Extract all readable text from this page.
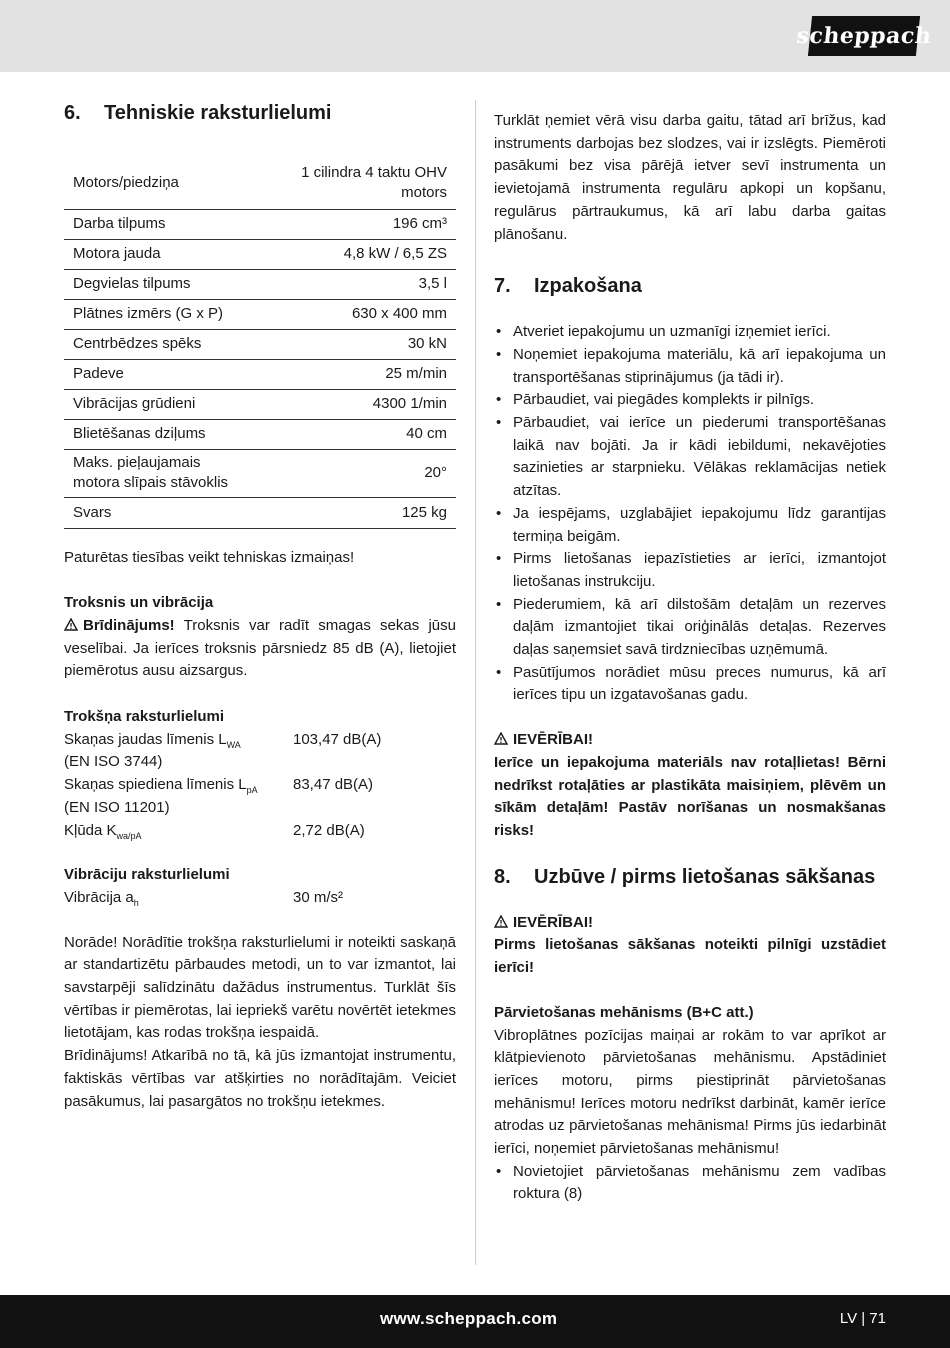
scheppach
6.	Tehniskie raksturlielumi
Motors/piedziņa	1 cilindra 4 taktu OHV
motors

Darba tilpums	196 cm³
Motora jauda	4,8 kW / 6,5 ZS
Degvielas tilpums	3,5 l
Plātnes izmērs (G x P)	630 x 400 mm
Centrbēdzes spēks	30 kN
Padeve	25 m/min
Vibrācijas grūdieni	4300 1/min
Blietēšanas dziļums	40 cm

Maks. pieļaujamais
motora slīpais stāvoklis	20°
Svars	125 kg

Paturētas tiesības veikt tehniskas izmaiņas!

Troksnis un vibrācija

Brīdinājums! Troksnis var radīt smagas sekas jūsu veselībai. Ja ierīces troksnis pārsniedz 85 dB (A), lietojiet piemērotus ausu aizsargus.

Trokšņa raksturlielumi

Skaņas jaudas līmenis $L_{WA}$	103,47 dB(A)

(EN ISO 3744)

Skaņas spiediena līmenis $L_{pA}$	83,47 dB(A)

(EN ISO 11201)

Kļūda $K_{wa/pA}$	2,72 dB(A)

Vibrāciju raksturlielumi

Vibrācija $a_h$	30 m/s²

Norāde! Norādītie trokšņa raksturlielumi ir noteikti saskaņā ar standartizētu pārbaudes metodi, un to var izmantot, lai savstarpēji salīdzinātu dažādus instrumentus. Turklāt šīs vērtības ir piemērotas, lai iepriekš varētu novērtēt ietekmes lietotājam, kas rodas trokšņa iespaidā.

Brīdinājums! Atkarībā no tā, kā jūs izmantojat instrumentu, faktiskās vērtības var atšķirties no norādītajām. Veiciet pasākumus, lai pasargātos no trokšņu ietekmes.

Turklāt ņemiet vērā visu darba gaitu, tātad arī brīžus, kad instruments darbojas bez slodzes, vai ir izslēgts. Piemēroti pasākumi bez visa pārējā ietver sevī instrumenta un ievietojamā instrumenta regulāru apkopi un kopšanu, regulārus pārtraukumus, kā arī labu darba gaitas plānošanu.

7.	Izpakošana
• Atveriet iepakojumu un uzmanīgi izņemiet ierīci.
• Noņemiet iepakojuma materiālu, kā arī iepakojuma un transportēšanas stiprinājumus (ja tādi ir).
• Pārbaudiet, vai piegādes komplekts ir pilnīgs.
• Pārbaudiet, vai ierīce un piederumi transportēšanas laikā nav bojāti. Ja ir kādi iebildumi, nekavējoties sazinieties ar starpnieku. Vēlākas reklamācijas netiek atzītas.
• Ja iespējams, uzglabājiet iepakojumu līdz garantijas termiņa beigām.
• Pirms lietošanas iepazīstieties ar ierīci, izmantojot lietošanas instrukciju.
• Piederumiem, kā arī dilstošām detaļām un rezerves daļām izmantojiet tikai oriģinālās detaļas. Rezerves daļas saņemsiet savā tirdzniecības uzņēmumā.
• Pasūtījumos norādiet mūsu preces numurus, kā arī ierīces tipu un izgatavošanas gadu.

IEVĒRĪBAI!

Ierīce un iepakojuma materiāls nav rotaļlietas! Bērni nedrīkst rotaļāties ar plastikāta maisiņiem, plēvēm un sīkām detaļām! Pastāv norīšanas un nosmakšanas risks!

8.	Uzbūve / pirms lietošanas sākšanas

IEVĒRĪBAI!

Pirms lietošanas sākšanas noteikti pilnīgi uzstādiet ierīci!

Pārvietošanas mehānisms (B+C att.)

Vibroplātnes pozīcijas maiņai ar rokām to var aprīkot ar klātpievienoto pārvietošanas mehānismu. Apstādiniet ierīces motoru, pirms piestiprināt pārvietošanas mehānismu! Ierīces motoru nedrīkst darbināt, kamēr ierīce atrodas uz pārvietošanas mehānisma! Pirms jūs iedarbināt ierīci, noņemiet pārvietošanas mehānismu!

• Novietojiet pārvietošanas mehānismu zem vadības roktura (8)
www.scheppach.com	LV | 71
